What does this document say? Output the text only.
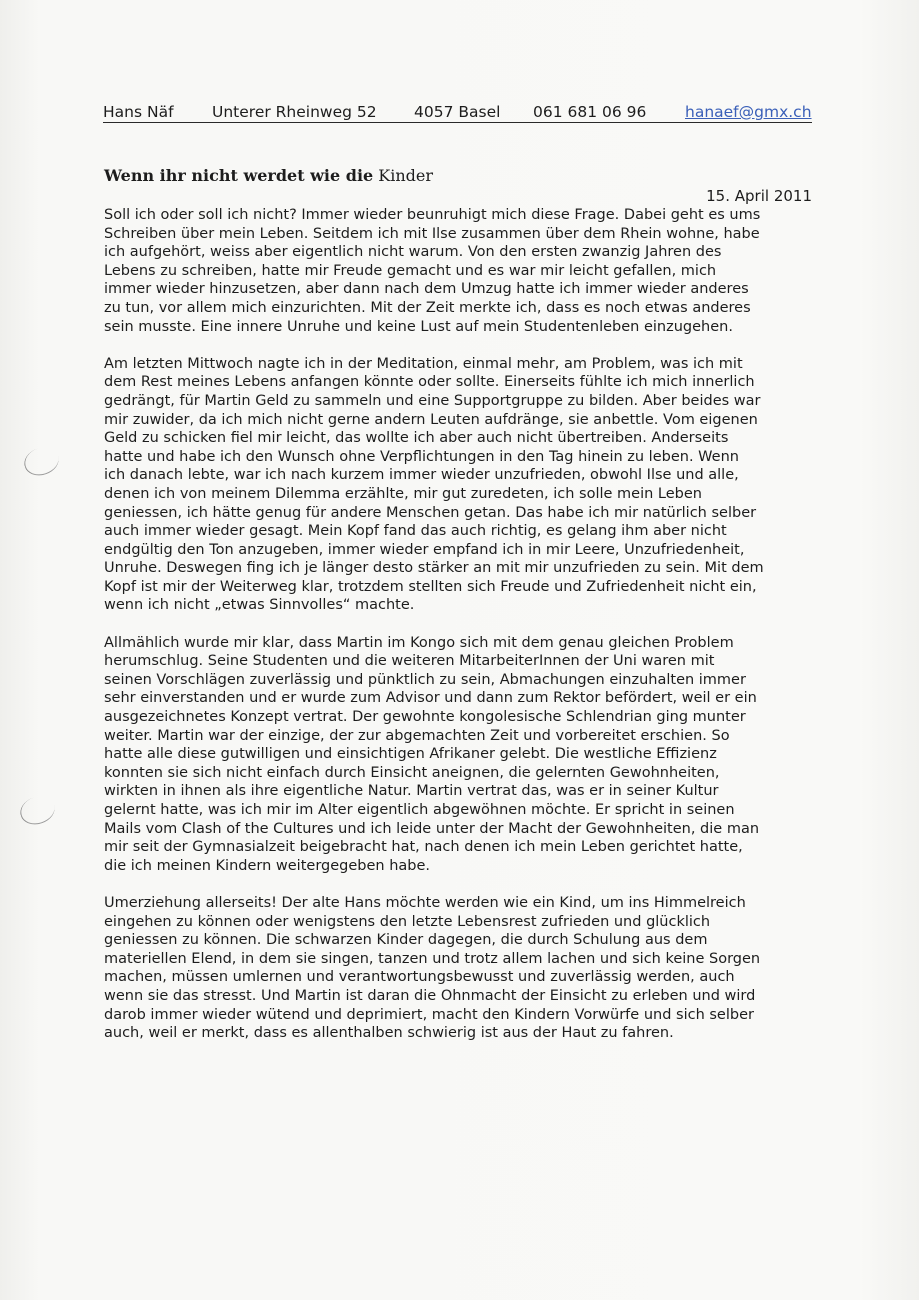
Hans Näf Unterer Rheinweg 52 4057 Basel 061 681 06 96 hanaef@gmx.ch
Wenn ihr nicht werdet wie die Kinder
15. April 2011
Soll ich oder soll ich nicht? Immer wieder beunruhigt mich diese Frage. Dabei geht es ums
Schreiben über mein Leben. Seitdem ich mit Ilse zusammen über dem Rhein wohne, habe
ich aufgehört, weiss aber eigentlich nicht warum. Von den ersten zwanzig Jahren des
Lebens zu schreiben, hatte mir Freude gemacht und es war mir leicht gefallen, mich
immer wieder hinzusetzen, aber dann nach dem Umzug hatte ich immer wieder anderes
zu tun, vor allem mich einzurichten. Mit der Zeit merkte ich, dass es noch etwas anderes
sein musste. Eine innere Unruhe und keine Lust auf mein Studentenleben einzugehen.
Am letzten Mittwoch nagte ich in der Meditation, einmal mehr, am Problem, was ich mit
dem Rest meines Lebens anfangen könnte oder sollte. Einerseits fühlte ich mich innerlich
gedrängt, für Martin Geld zu sammeln und eine Supportgruppe zu bilden. Aber beides war
mir zuwider, da ich mich nicht gerne andern Leuten aufdränge, sie anbettle. Vom eigenen
Geld zu schicken fiel mir leicht, das wollte ich aber auch nicht übertreiben. Anderseits
hatte und habe ich den Wunsch ohne Verpflichtungen in den Tag hinein zu leben. Wenn
ich danach lebte, war ich nach kurzem immer wieder unzufrieden, obwohl Ilse und alle,
denen ich von meinem Dilemma erzählte, mir gut zuredeten, ich solle mein Leben
geniessen, ich hätte genug für andere Menschen getan. Das habe ich mir natürlich selber
auch immer wieder gesagt. Mein Kopf fand das auch richtig, es gelang ihm aber nicht
endgültig den Ton anzugeben, immer wieder empfand ich in mir Leere, Unzufriedenheit,
Unruhe. Deswegen fing ich je länger desto stärker an mit mir unzufrieden zu sein. Mit dem
Kopf ist mir der Weiterweg klar, trotzdem stellten sich Freude und Zufriedenheit nicht ein,
wenn ich nicht „etwas Sinnvolles“ machte.
Allmählich wurde mir klar, dass Martin im Kongo sich mit dem genau gleichen Problem
herumschlug. Seine Studenten und die weiteren MitarbeiterInnen der Uni waren mit
seinen Vorschlägen zuverlässig und pünktlich zu sein, Abmachungen einzuhalten immer
sehr einverstanden und er wurde zum Advisor und dann zum Rektor befördert, weil er ein
ausgezeichnetes Konzept vertrat. Der gewohnte kongolesische Schlendrian ging munter
weiter. Martin war der einzige, der zur abgemachten Zeit und vorbereitet erschien. So
hatte alle diese gutwilligen und einsichtigen Afrikaner gelebt. Die westliche Effizienz
konnten sie sich nicht einfach durch Einsicht aneignen, die gelernten Gewohnheiten,
wirkten in ihnen als ihre eigentliche Natur. Martin vertrat das, was er in seiner Kultur
gelernt hatte, was ich mir im Alter eigentlich abgewöhnen möchte. Er spricht in seinen
Mails vom Clash of the Cultures und ich leide unter der Macht der Gewohnheiten, die man
mir seit der Gymnasialzeit beigebracht hat, nach denen ich mein Leben gerichtet hatte,
die ich meinen Kindern weitergegeben habe.
Umerziehung allerseits! Der alte Hans möchte werden wie ein Kind, um ins Himmelreich
eingehen zu können oder wenigstens den letzte Lebensrest zufrieden und glücklich
geniessen zu können. Die schwarzen Kinder dagegen, die durch Schulung aus dem
materiellen Elend, in dem sie singen, tanzen und trotz allem lachen und sich keine Sorgen
machen, müssen umlernen und verantwortungsbewusst und zuverlässig werden, auch
wenn sie das stresst. Und Martin ist daran die Ohnmacht der Einsicht zu erleben und wird
darob immer wieder wütend und deprimiert, macht den Kindern Vorwürfe und sich selber
auch, weil er merkt, dass es allenthalben schwierig ist aus der Haut zu fahren.
